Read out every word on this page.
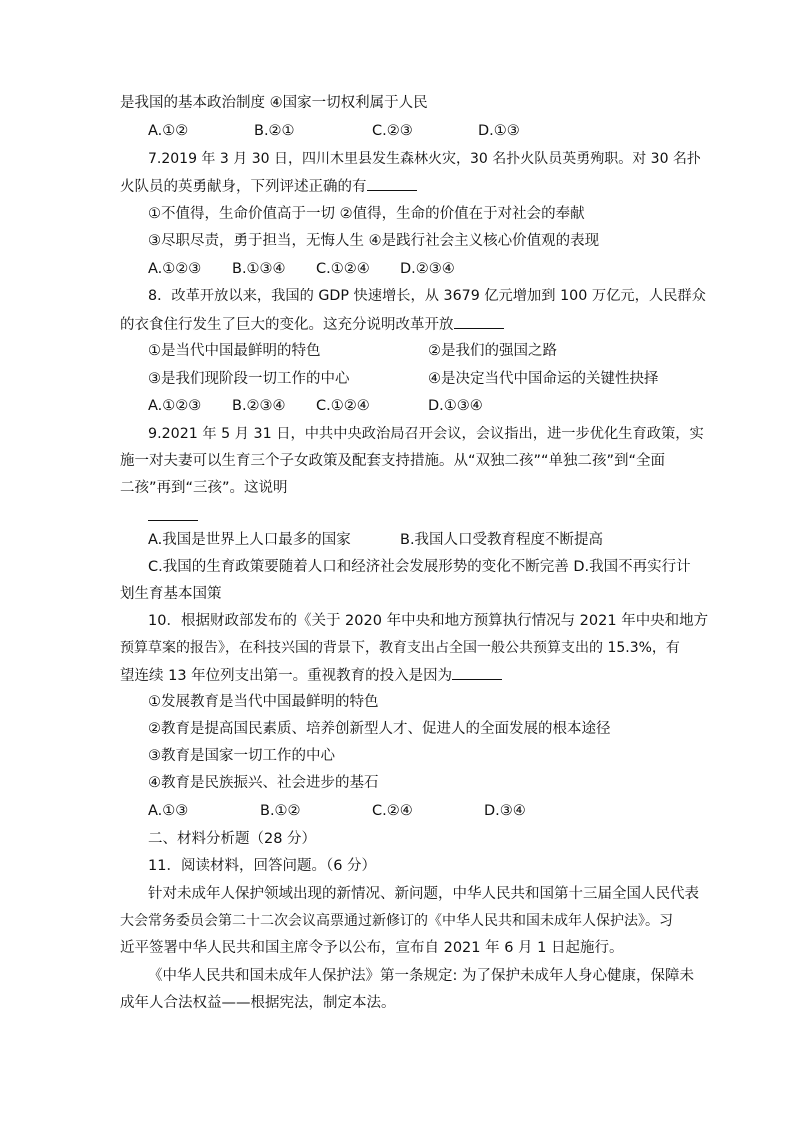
是我国的基本政治制度 ④国家一切权利属于人民
A.①②	B.②①	C.②③	D.①③
7.2019 年 3 月 30 日，四川木里县发生森林火灾，30 名扑火队员英勇殉职。对 30 名扑
火队员的英勇献身，下列评述正确的有
①不值得，生命价值高于一切 ②值得，生命的价值在于对社会的奉献
③尽职尽责，勇于担当，无悔人生 ④是践行社会主义核心价值观的表现
A.①②③ B.①③④ C.①②④ D.②③④
8．改革开放以来，我国的 GDP 快速增长，从 3679 亿元增加到 100 万亿元，人民群众
的衣食住行发生了巨大的变化。这充分说明改革开放
①是当代中国最鲜明的特色	②是我们的强国之路
③是我们现阶段一切工作的中心	④是决定当代中国命运的关键性抉择
A.①②③ B.②③④ C.①②④	D.①③④
9.2021 年 5 月 31 日，中共中央政治局召开会议，会议指出，进一步优化生育政策，实
施一对夫妻可以生育三个子女政策及配套支持措施。从“双独二孩”“单独二孩”到“全面
二孩”再到“三孩”。这说明
A.我国是世界上人口最多的国家	B.我国人口受教育程度不断提高
C.我国的生育政策要随着人口和经济社会发展形势的变化不断完善 D.我国不再实行计
划生育基本国策
10．根据财政部发布的《关于 2020 年中央和地方预算执行情况与 2021 年中央和地方
预算草案的报告》，在科技兴国的背景下，教育支出占全国一般公共预算支出的 15.3%，有
望连续 13 年位列支出第一。重视教育的投入是因为
①发展教育是当代中国最鲜明的特色
②教育是提高国民素质、培养创新型人才、促进人的全面发展的根本途径
③教育是国家一切工作的中心
④教育是民族振兴、社会进步的基石
A.①③	B.①②	C.②④	D.③④
二、材料分析题（28 分）
11．阅读材料，回答问题。（6 分）
针对未成年人保护领域出现的新情况、新问题，中华人民共和国第十三届全国人民代表
大会常务委员会第二十二次会议高票通过新修订的《中华人民共和国未成年人保护法》。习
近平签署中华人民共和国主席令予以公布，宣布自 2021 年 6 月 1 日起施行。
《中华人民共和国未成年人保护法》第一条规定: 为了保护未成年人身心健康，保障未
成年人合法权益——根据宪法，制定本法。
